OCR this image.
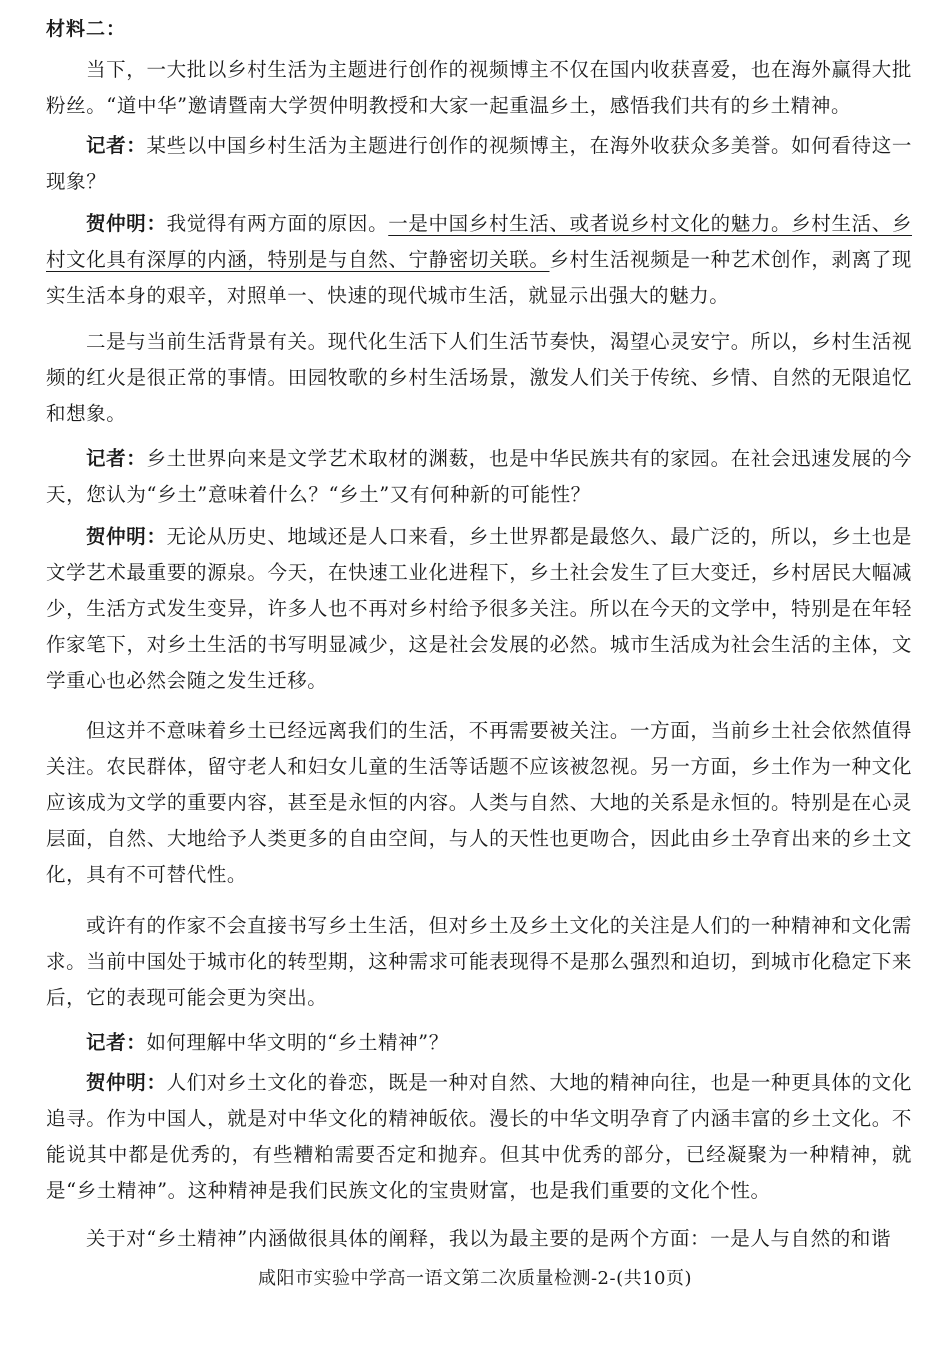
材料二：
当下，一大批以乡村生活为主题进行创作的视频博主不仅在国内收获喜爱，也在海外赢得大批粉丝。“道中华”邀请暨南大学贺仲明教授和大家一起重温乡土，感悟我们共有的乡土精神。
记者：某些以中国乡村生活为主题进行创作的视频博主，在海外收获众多美誉。如何看待这一现象？
贺仲明：我觉得有两方面的原因。一是中国乡村生活、或者说乡村文化的魅力。乡村生活、乡村文化具有深厚的内涵，特别是与自然、宁静密切关联。乡村生活视频是一种艺术创作，剥离了现实生活本身的艰辛，对照单一、快速的现代城市生活，就显示出强大的魅力。
二是与当前生活背景有关。现代化生活下人们生活节奏快，渴望心灵安宁。所以，乡村生活视频的红火是很正常的事情。田园牧歌的乡村生活场景，激发人们关于传统、乡情、自然的无限追忆和想象。
记者：乡土世界向来是文学艺术取材的渊薮，也是中华民族共有的家园。在社会迅速发展的今天，您认为“乡土”意味着什么？“乡土”又有何种新的可能性？
贺仲明：无论从历史、地域还是人口来看，乡土世界都是最悠久、最广泛的，所以，乡土也是文学艺术最重要的源泉。今天，在快速工业化进程下，乡土社会发生了巨大变迁，乡村居民大幅减少，生活方式发生变异，许多人也不再对乡村给予很多关注。所以在今天的文学中，特别是在年轻作家笔下，对乡土生活的书写明显减少，这是社会发展的必然。城市生活成为社会生活的主体，文学重心也必然会随之发生迁移。
但这并不意味着乡土已经远离我们的生活，不再需要被关注。一方面，当前乡土社会依然值得关注。农民群体，留守老人和妇女儿童的生活等话题不应该被忽视。另一方面，乡土作为一种文化应该成为文学的重要内容，甚至是永恒的内容。人类与自然、大地的关系是永恒的。特别是在心灵层面，自然、大地给予人类更多的自由空间，与人的天性也更吻合，因此由乡土孕育出来的乡土文化，具有不可替代性。
或许有的作家不会直接书写乡土生活，但对乡土及乡土文化的关注是人们的一种精神和文化需求。当前中国处于城市化的转型期，这种需求可能表现得不是那么强烈和迫切，到城市化稳定下来后，它的表现可能会更为突出。
记者：如何理解中华文明的“乡土精神”？
贺仲明：人们对乡土文化的眷恋，既是一种对自然、大地的精神向往，也是一种更具体的文化追寻。作为中国人，就是对中华文化的精神皈依。漫长的中华文明孕育了内涵丰富的乡土文化。不能说其中都是优秀的，有些糟粕需要否定和抛弃。但其中优秀的部分，已经凝聚为一种精神，就是“乡土精神”。这种精神是我们民族文化的宝贵财富，也是我们重要的文化个性。
关于对“乡土精神”内涵做很具体的阐释，我以为最主要的是两个方面：一是人与自然的和谐
咸阳市实验中学高一语文第二次质量检测-2-(共10页)
